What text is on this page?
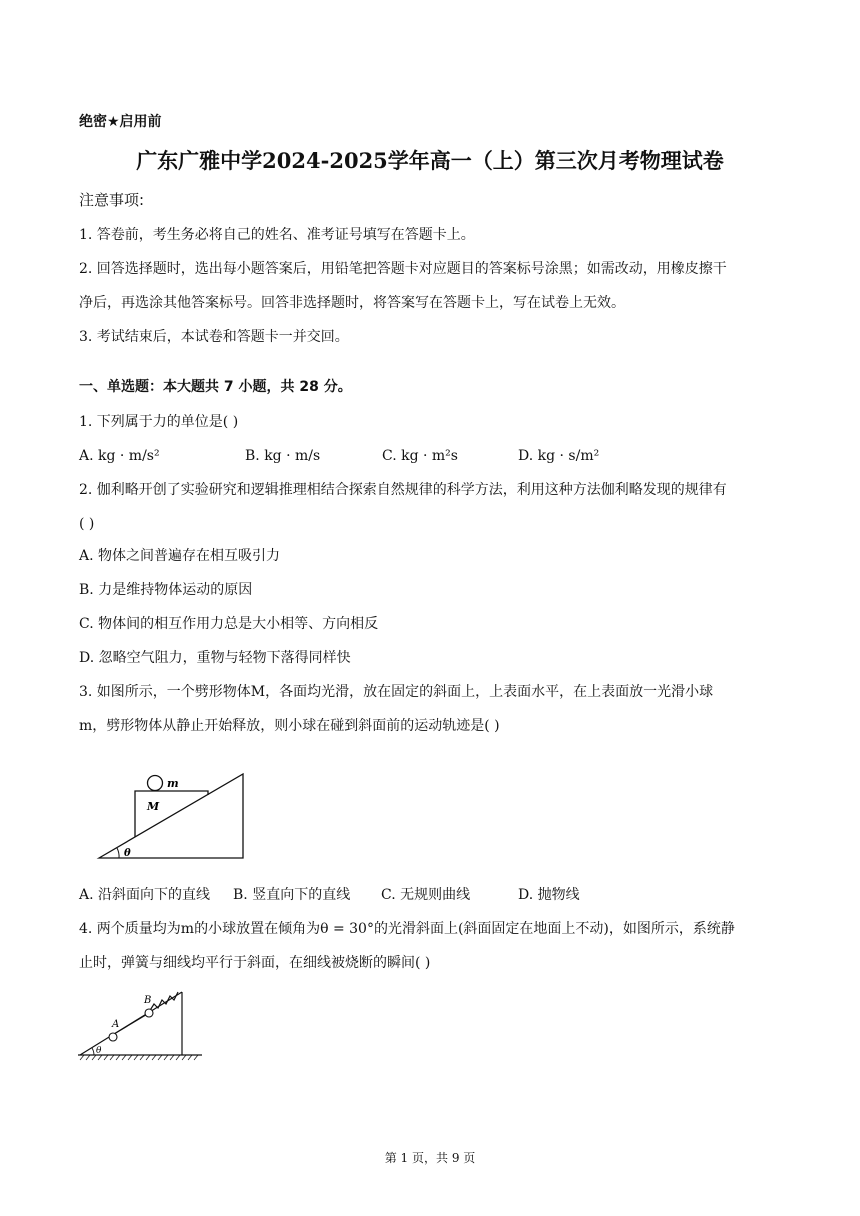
绝密★启用前
广东广雅中学2024-2025学年高一（上）第三次月考物理试卷
注意事项:
1. 答卷前，考生务必将自己的姓名、准考证号填写在答题卡上。
2. 回答选择题时，选出每小题答案后，用铅笔把答题卡对应题目的答案标号涂黑；如需改动，用橡皮擦干
净后，再选涂其他答案标号。回答非选择题时，将答案写在答题卡上，写在试卷上无效。
3. 考试结束后，本试卷和答题卡一并交回。
一、单选题：本大题共 7 小题，共 28 分。
1. 下列属于力的单位是( )
A. kg · m/s²	B. kg · m/s	C. kg · m²s	D. kg · s/m²
2. 伽利略开创了实验研究和逻辑推理相结合探索自然规律的科学方法，利用这种方法伽利略发现的规律有
( )
A. 物体之间普遍存在相互吸引力
B. 力是维持物体运动的原因
C. 物体间的相互作用力总是大小相等、方向相反
D. 忽略空气阻力，重物与轻物下落得同样快
3. 如图所示，一个劈形物体M，各面均光滑，放在固定的斜面上，上表面水平，在上表面放一光滑小球
m，劈形物体从静止开始释放，则小球在碰到斜面前的运动轨迹是( )
m
M
θ
A. 沿斜面向下的直线 B. 竖直向下的直线 C. 无规则曲线	D. 抛物线
4. 两个质量均为m的小球放置在倾角为θ = 30°的光滑斜面上(斜面固定在地面上不动)，如图所示，系统静
止时，弹簧与细线均平行于斜面，在细线被烧断的瞬间( )
A
B
θ
第 1 页，共 9 页
